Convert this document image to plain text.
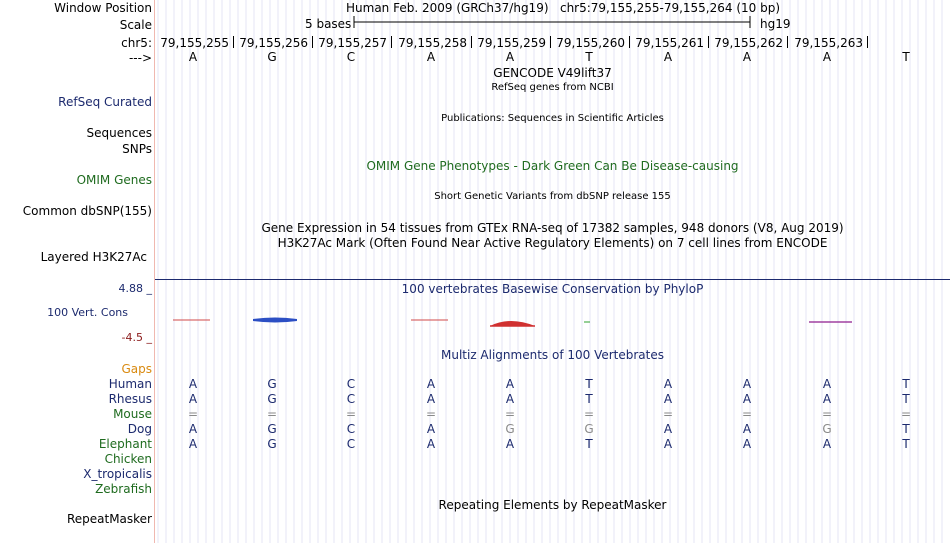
Window Position	Human Feb. 2009 (GRCh37/hg19) chr5:79,155,255-79,155,264 (10 bp)
Scale	5 bases	hg19
chr5: 79,155,255 79,155,256 79,155,257 79,155,258 79,155,259 79,155,260 79,155,261 79,155,262 79,155,263
--->	A	G	C	A	A	T	A	A	A	T
GENCODE V49lift37
RefSeq genes from NCBI
RefSeq Curated
Publications: Sequences in Scientific Articles
Sequences
SNPs
OMIM Gene Phenotypes - Dark Green Can Be Disease-causing
OMIM Genes
Short Genetic Variants from dbSNP release 155
Common dbSNP(155)
Gene Expression in 54 tissues from GTEx RNA-seq of 17382 samples, 948 donors (V8, Aug 2019)
H3K27Ac Mark (Often Found Near Active Regulatory Elements) on 7 cell lines from ENCODE
Layered H3K27Ac
100 vertebrates Basewise Conservation by PhyloP
4.88 _
100 Vert. Cons
-4.5 _
Multiz Alignments of 100 Vertebrates
Gaps
Human	A	G	C	A	A	T	A	A	A	T
Rhesus	A	G	C	A	A	T	A	A	A	T
Mouse	=	=	=	=	=	=	=	=	=	=
Dog	A	G	C	A	G	G	A	A	G	T
Elephant	A	G	C	A	A	T	A	A	A	T
Chicken
X_tropicalis
Zebrafish
Repeating Elements by RepeatMasker
RepeatMasker
